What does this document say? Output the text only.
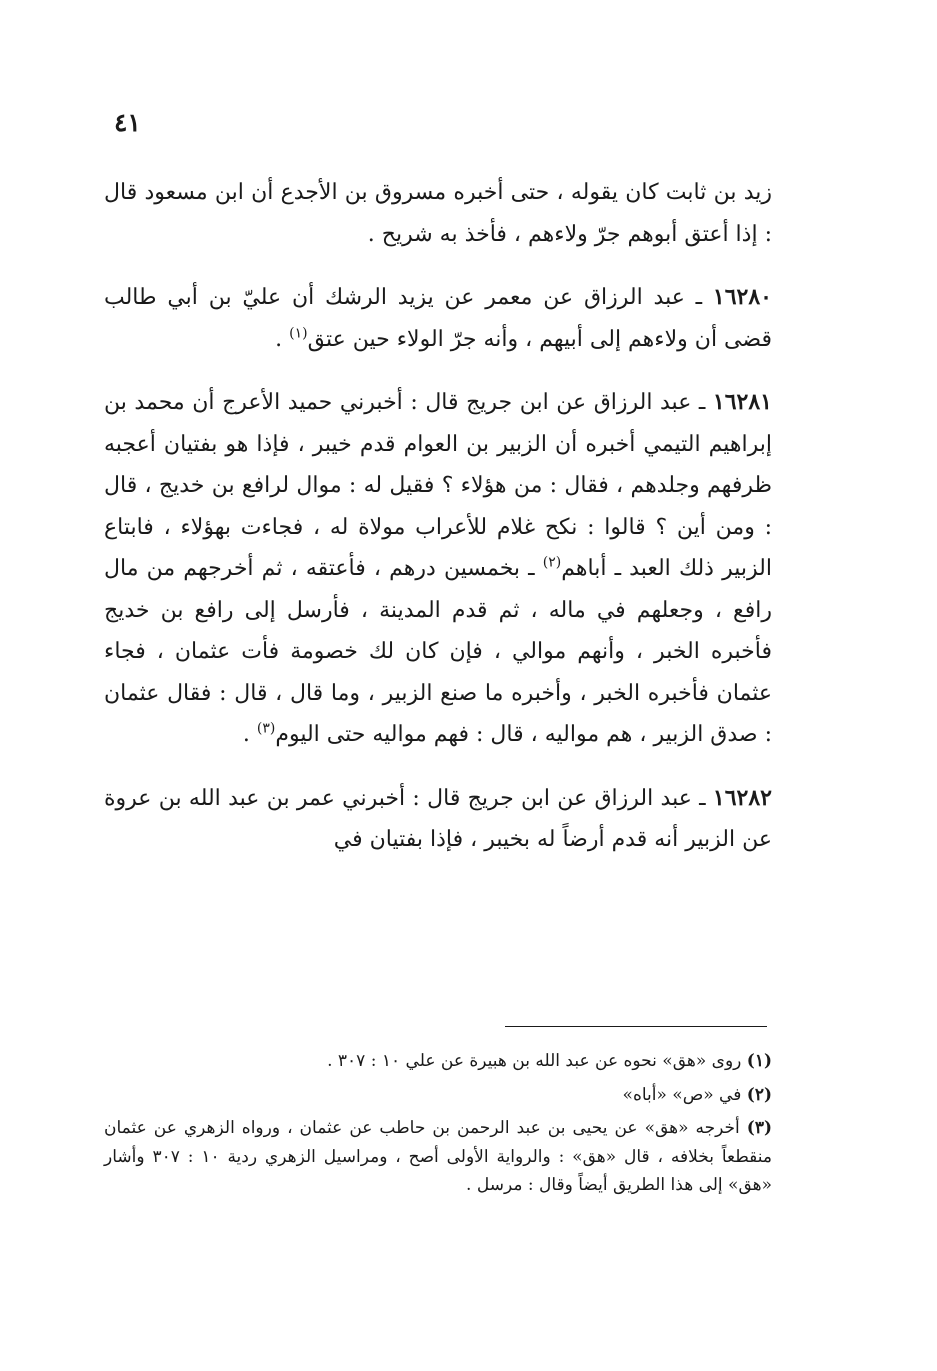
٤١

زيد بن ثابت كان يقوله ، حتى أخبره مسروق بن الأجدع أن ابن مسعود قال : إذا أعتق أبوهم جرّ ولاءهم ، فأخذ به شريح .

١٦٢٨٠ ـ عبد الرزاق عن معمر عن يزيد الرشك أن عليّ بن أبي طالب قضى أن ولاءهم إلى أبيهم ، وأنه جرّ الولاء حين عتق$^{(١)}$ .

١٦٢٨١ ـ عبد الرزاق عن ابن جريج قال : أخبرني حميد الأعرج أن محمد بن إبراهيم التيمي أخبره أن الزبير بن العوام قدم خيبر ، فإذا هو بفتيان أعجبه ظرفهم وجلدهم ، فقال : من هؤلاء ؟ فقيل له : موال لرافع بن خديج ، قال : ومن أين ؟ قالوا : نكح غلام للأعراب مولاة له ، فجاءت بهؤلاء ، فابتاع الزبير ذلك العبد ـ أباهم$^{(٢)}$ ـ بخمسين درهم ، فأعتقه ، ثم أخرجهم من مال رافع ، وجعلهم في ماله ، ثم قدم المدينة ، فأرسل إلى رافع بن خديج فأخبره الخبر ، وأنهم موالي ، فإن كان لك خصومة فأت عثمان ، فجاء عثمان فأخبره الخبر ، وأخبره ما صنع الزبير ، وما قال ، قال : فقال عثمان : صدق الزبير ، هم مواليه ، قال : فهم مواليه حتى اليوم$^{(٣)}$ .

١٦٢٨٢ ـ عبد الرزاق عن ابن جريج قال : أخبرني عمر بن عبد الله بن عروة عن الزبير أنه قدم أرضاً له بخيبر ، فإذا بفتيان في

(١) روى «هق» نحوه عن عبد الله بن هبيرة عن علي ١٠ : ٣٠٧ .

(٢) في «ص» «أباه»

(٣) أخرجه «هق» عن يحيى بن عبد الرحمن بن حاطب عن عثمان ، ورواه الزهري عن عثمان منقطعاً بخلافه ، قال «هق» : والرواية الأولى أصح ، ومراسيل الزهري ردية ١٠ : ٣٠٧ وأشار «هق» إلى هذا الطريق أيضاً وقال : مرسل .
